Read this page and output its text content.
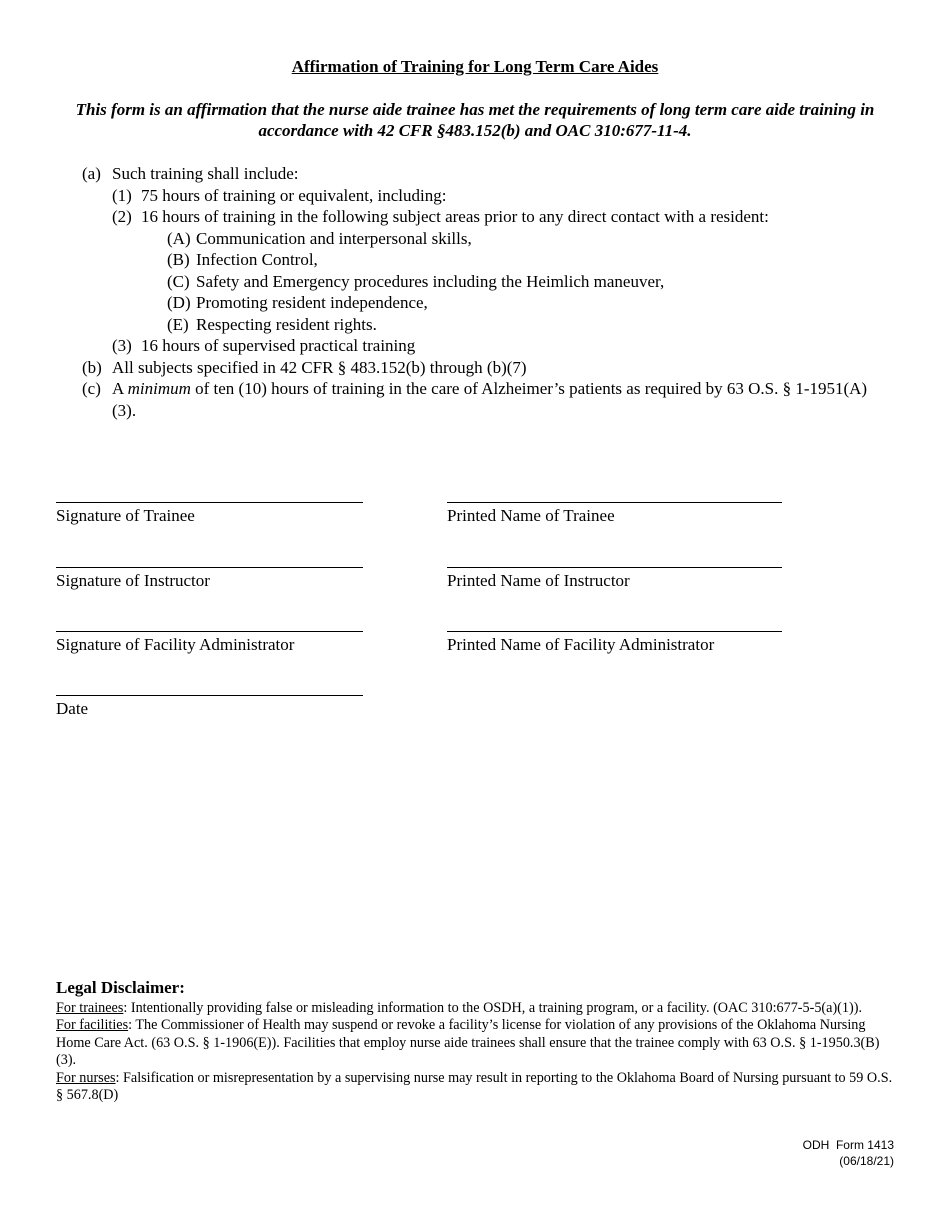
Affirmation of Training for Long Term Care Aides
This form is an affirmation that the nurse aide trainee has met the requirements of long term care aide training in accordance with 42 CFR §483.152(b) and OAC 310:677-11-4.
(a) Such training shall include:
(1) 75 hours of training or equivalent, including:
(2) 16 hours of training in the following subject areas prior to any direct contact with a resident:
(A) Communication and interpersonal skills,
(B) Infection Control,
(C) Safety and Emergency procedures including the Heimlich maneuver,
(D) Promoting resident independence,
(E) Respecting resident rights.
(3) 16 hours of supervised practical training
(b) All subjects specified in 42 CFR § 483.152(b) through (b)(7)
(c) A minimum of ten (10) hours of training in the care of Alzheimer’s patients as required by 63 O.S. § 1-1951(A)(3).
Signature of Trainee	Printed Name of Trainee
Signature of Instructor	Printed Name of Instructor
Signature of Facility Administrator	Printed Name of Facility Administrator
Date
Legal Disclaimer:

For trainees: Intentionally providing false or misleading information to the OSDH, a training program, or a facility. (OAC 310:677-5-5(a)(1)).

For facilities: The Commissioner of Health may suspend or revoke a facility’s license for violation of any provisions of the Oklahoma Nursing Home Care Act. (63 O.S. § 1-1906(E)). Facilities that employ nurse aide trainees shall ensure that the trainee comply with 63 O.S. § 1-1950.3(B)(3).

For nurses: Falsification or misrepresentation by a supervising nurse may result in reporting to the Oklahoma Board of Nursing pursuant to 59 O.S. § 567.8(D)

ODH  Form 1413
(06/18/21)
